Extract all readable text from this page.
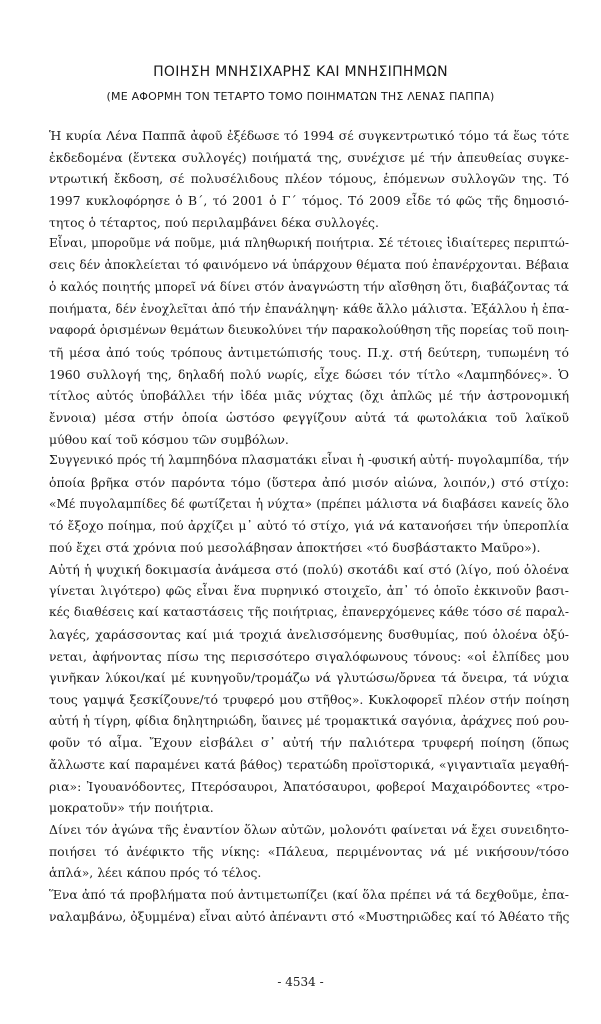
ΠΟΙΗΣΗ ΜΝΗΣΙΧΑΡΗΣ ΚΑΙ ΜΝΗΣΙΠΗΜΩΝ
(ΜΕ ΑΦΟΡΜΗ ΤΟΝ ΤΕΤΑΡΤΟ ΤΟΜΟ ΠΟΙΗΜΑΤΩΝ ΤΗΣ ΛΕΝΑΣ ΠΑΠΠΑ)
Ἡ κυρία Λένα Παππᾶ ἀφοῦ ἐξέδωσε τό 1994 σέ συγκεντρωτικό τόμο τά ἕως τότε
ἐκδεδομένα (ἕντεκα συλλογές) ποιήματά της, συνέχισε μέ τήν ἀπευθείας συγκε-
ντρωτική ἔκδοση, σέ πολυσέλιδους πλέον τόμους, ἑπόμενων συλλογῶν της. Τό
1997 κυκλοφόρησε ὁ Β΄, τό 2001 ὁ Γ΄ τόμος. Τό 2009 εἶδε τό φῶς τῆς δημοσιό-
τητος ὁ τέταρτος, πού περιλαμβάνει δέκα συλλογές.
Εἶναι, μποροῦμε νά ποῦμε, μιά πληθωρική ποιήτρια. Σέ τέτοιες ἰδιαίτερες περιπτώ-
σεις δέν ἀποκλείεται τό φαινόμενο νά ὑπάρχουν θέματα πού ἐπανέρχονται. Βέβαια
ὁ καλός ποιητής μπορεῖ νά δίνει στόν ἀναγνώστη τήν αἴσθηση ὅτι, διαβάζοντας τά
ποιήματα, δέν ἐνοχλεῖται ἀπό τήν ἐπανάληψη· κάθε ἄλλο μάλιστα. Ἐξάλλου ἡ ἐπα-
ναφορά ὁρισμένων θεμάτων διευκολύνει τήν παρακολούθηση τῆς πορείας τοῦ ποιη-
τῆ μέσα ἀπό τούς τρόπους ἀντιμετώπισής τους. Π.χ. στή δεύτερη, τυπωμένη τό
1960 συλλογή της, δηλαδή πολύ νωρίς, εἶχε δώσει τόν τίτλο «Λαμπηδόνες». Ὁ
τίτλος αὐτός ὑποβάλλει τήν ἰδέα μιᾶς νύχτας (ὄχι ἁπλῶς μέ τήν ἀστρονομική
ἔννοια) μέσα στήν ὁποία ὡστόσο φεγγίζουν αὐτά τά φωτολάκια τοῦ λαϊκοῦ
μύθου καί τοῦ κόσμου τῶν συμβόλων.
Συγγενικό πρός τή λαμπηδόνα πλασματάκι εἶναι ἡ -φυσική αὐτή- πυγολαμπίδα, τήν
ὁποία βρῆκα στόν παρόντα τόμο (ὕστερα ἀπό μισόν αἰώνα, λοιπόν,) στό στίχο:
«Μέ πυγολαμπίδες δέ φωτίζεται ἡ νύχτα» (πρέπει μάλιστα νά διαβάσει κανείς ὅλο
τό ἔξοχο ποίημα, πού ἀρχίζει μ᾽ αὐτό τό στίχο, γιά νά κατανοήσει τήν ὑπερoπλία
πού ἔχει στά χρόνια πού μεσολάβησαν ἀποκτήσει «τό δυσβάστακτο Μαῦρο»).
Αὐτή ἡ ψυχική δοκιμασία ἀνάμεσα στό (πολύ) σκοτάδι καί στό (λίγο, πού ὁλοένα
γίνεται λιγότερο) φῶς εἶναι ἕνα πυρηνικό στοιχεῖο, ἀπ᾽ τό ὁποῖο ἐκκινοῦν βασι-
κές διαθέσεις καί καταστάσεις τῆς ποιήτριας, ἐπανερχόμενες κάθε τόσο σέ παραλ-
λαγές, χαράσσοντας καί μιά τροχιά ἀνελισσόμενης δυσθυμίας, πού ὁλοένα ὀξύ-
νεται, ἀφήνοντας πίσω της περισσότερο σιγαλόφωνους τόνους: «οἱ ἐλπίδες μου
γινῆκαν λύκοι/καί μέ κυνηγοῦν/τρομάζω νά γλυτώσω/ὄρνεα τά ὄνειρα, τά νύχια
τους γαμψά ξεσκίζουνε/τό τρυφερό μου στῆθος». Κυκλοφορεῖ πλέον στήν ποίηση
αὐτή ἡ τίγρη, φίδια δηλητηριώδη, ὕαινες μέ τρομακτικά σαγόνια, ἀράχνες πού ρου-
φοῦν τό αἷμα. Ἔχουν εἰσβάλει σ᾽ αὐτή τήν παλιότερα τρυφερή ποίηση (ὅπως
ἄλλωστε καί παραμένει κατά βάθος) τερατώδη προϊστορικά, «γιγαντιαῖα μεγαθή-
ρια»: Ἰγουανόδοντες, Πτερόσαυροι, Ἀπατόσαυροι, φοβεροί Μαχαιρόδοντες «τρο-
μοκρατοῦν» τήν ποιήτρια.
Δίνει τόν ἀγώνα τῆς ἐναντίον ὅλων αὐτῶν, μολονότι φαίνεται νά ἔχει συνειδητο-
ποιήσει τό ἀνέφικτο τῆς νίκης: «Πάλευα, περιμένοντας νά μέ νικήσουν/τόσο
ἁπλά», λέει κάπου πρός τό τέλος.
Ἕνα ἀπό τά προβλήματα πού ἀντιμετωπίζει (καί ὅλα πρέπει νά τά δεχθοῦμε, ἐπα-
ναλαμβάνω, ὀξυμμένα) εἶναι αὐτό ἀπέναντι στό «Μυστηριῶδες καί τό Ἀθέατο τῆς
- 4534 -
